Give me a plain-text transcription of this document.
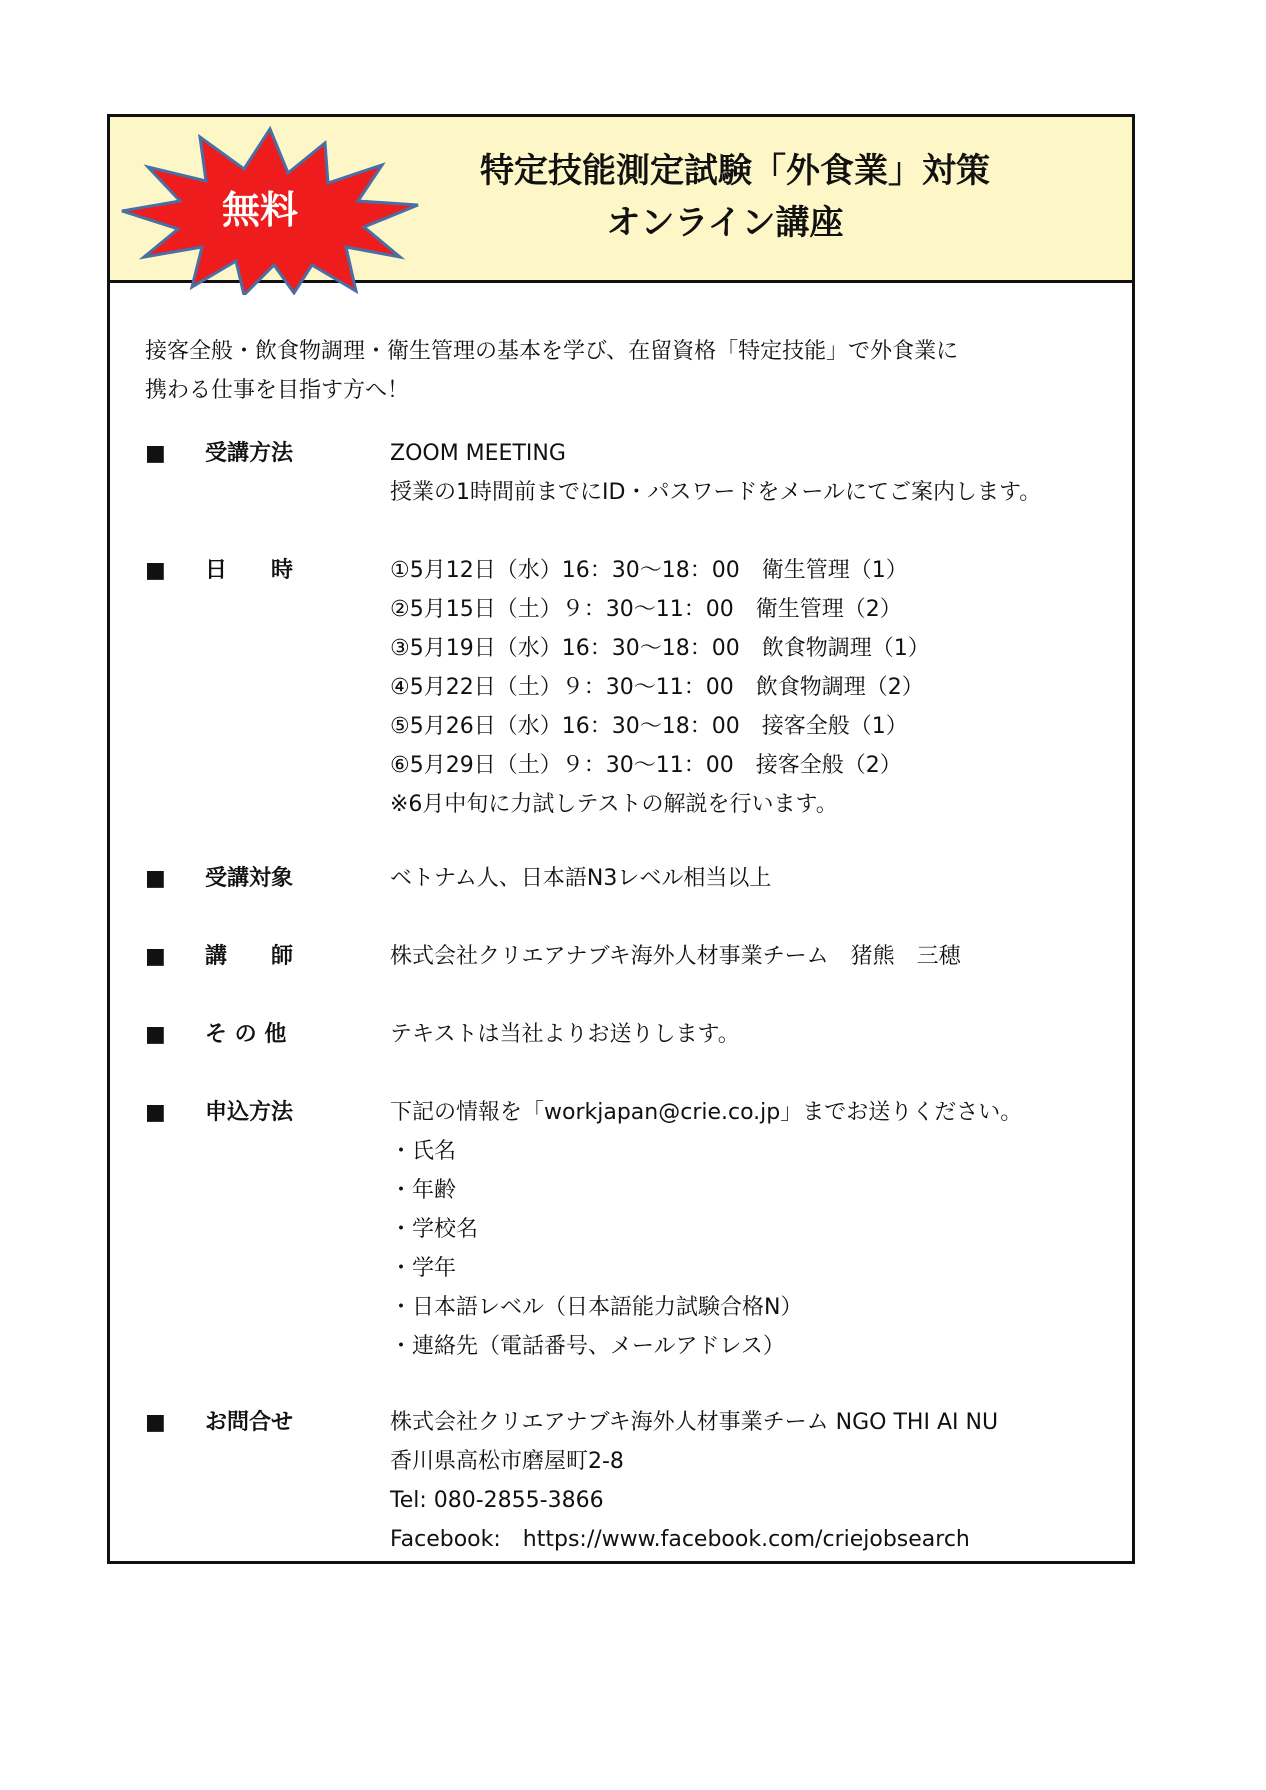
無料
特定技能測定試験「外食業」対策
オンライン講座
接客全般・飲食物調理・衛生管理の基本を学び、在留資格「特定技能」で外食業に
携わる仕事を目指す方へ！
■ 受講方法	ZOOM MEETING
授業の1時間前までにID・パスワードをメールにてご案内します。
■ 日　　時	①5月12日（水）16：30〜18：00　衛生管理（1）
②5月15日（土）９：30〜11：00　衛生管理（2）
③5月19日（水）16：30〜18：00　飲食物調理（1）
④5月22日（土）９：30〜11：00　飲食物調理（2）
⑤5月26日（水）16：30〜18：00　接客全般（1）
⑥5月29日（土）９：30〜11：00　接客全般（2）
※6月中旬に力試しテストの解説を行います。
■ 受講対象	ベトナム人、日本語N3レベル相当以上
■ 講　　師	株式会社クリエアナブキ海外人材事業チーム　猪熊　三穂
■ そ の 他	テキストは当社よりお送りします。
■ 申込方法	下記の情報を「workjapan@crie.co.jp」までお送りください。
・氏名
・年齢
・学校名
・学年
・日本語レベル（日本語能力試験合格N）
・連絡先（電話番号、メールアドレス）
■ お問合せ	株式会社クリエアナブキ海外人材事業チーム NGO THI AI NU
香川県高松市磨屋町2-8
Tel: 080-2855-3866
Facebook:　https://www.facebook.com/criejobsearch
